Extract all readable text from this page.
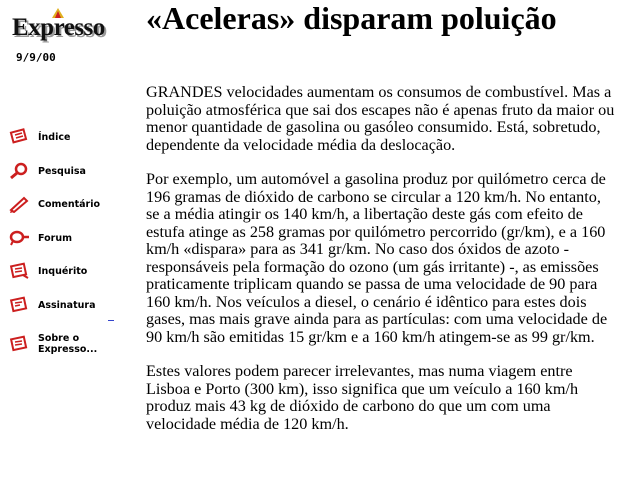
Expresso
9/9/00
«Aceleras» disparam poluição
Índice
Pesquisa
Comentário
Forum
Inquérito
Assinatura
Sobre o
Expresso...

GRANDES velocidades aumentam os consumos de combustível. Mas a poluição atmosférica que sai dos escapes não é apenas fruto da maior ou menor quantidade de gasolina ou gasóleo consumido. Está, sobretudo, dependente da velocidade média da deslocação.

Por exemplo, um automóvel a gasolina produz por quilómetro cerca de 196 gramas de dióxido de carbono se circular a 120 km/h. No entanto, se a média atingir os 140 km/h, a libertação deste gás com efeito de estufa atinge as 258 gramas por quilómetro percorrido (gr/km), e a 160 km/h «dispara» para as 341 gr/km. No caso dos óxidos de azoto - responsáveis pela formação do ozono (um gás irritante) -, as emissões praticamente triplicam quando se passa de uma velocidade de 90 para 160 km/h. Nos veículos a diesel, o cenário é idêntico para estes dois gases, mas mais grave ainda para as partículas: com uma velocidade de 90 km/h são emitidas 15 gr/km e a 160 km/h atingem-se as 99 gr/km.

Estes valores podem parecer irrelevantes, mas numa viagem entre Lisboa e Porto (300 km), isso significa que um veículo a 160 km/h produz mais 43 kg de dióxido de carbono do que um com uma velocidade média de 120 km/h.
